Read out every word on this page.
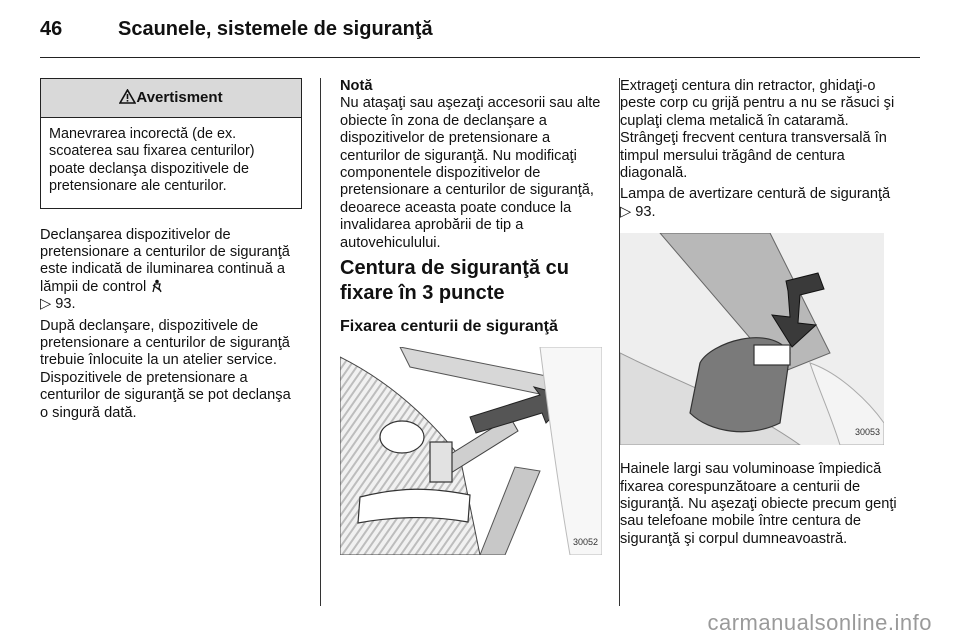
46	Scaunele, sistemele de siguranţă
Avertisment
Manevrarea incorectă (de ex. scoaterea sau fixarea centurilor) poate declanşa dispozitivele de pretensionare ale centurilor.

Declanşarea dispozitivelor de pretensionare a centurilor de siguranţă este indicată de iluminarea continuă a lămpii de control
▷ 93.

După declanşare, dispozitivele de pretensionare a centurilor de siguranţă trebuie înlocuite la un atelier service. Dispozitivele de pretensionare a centurilor de siguranţă se pot declanşa o singură dată.

Notă

Nu ataşaţi sau aşezaţi accesorii sau alte obiecte în zona de declanşare a dispozitivelor de pretensionare a centurilor de siguranţă. Nu modificaţi componentele dispozitivelor de pretensionare a centurilor de siguranţă, deoarece aceasta poate conduce la invalidarea aprobării de tip a autovehiculului.

Centura de siguranţă cu fixare în 3 puncte
Fixarea centurii de siguranţă
30052

Extrageţi centura din retractor, ghidaţi-o peste corp cu grijă pentru a nu se răsuci şi cuplaţi clema metalică în cataramă. Strângeţi frecvent centura transversală în timpul mersului trăgând de centura diagonală.

Lampa de avertizare centură de siguranţă ▷ 93.

30053

Hainele largi sau voluminoase împiedică fixarea corespunzătoare a centurii de siguranţă. Nu aşezaţi obiecte precum genţi sau telefoane mobile între centura de siguranţă şi corpul dumneavoastră.

carmanualsonline.info
